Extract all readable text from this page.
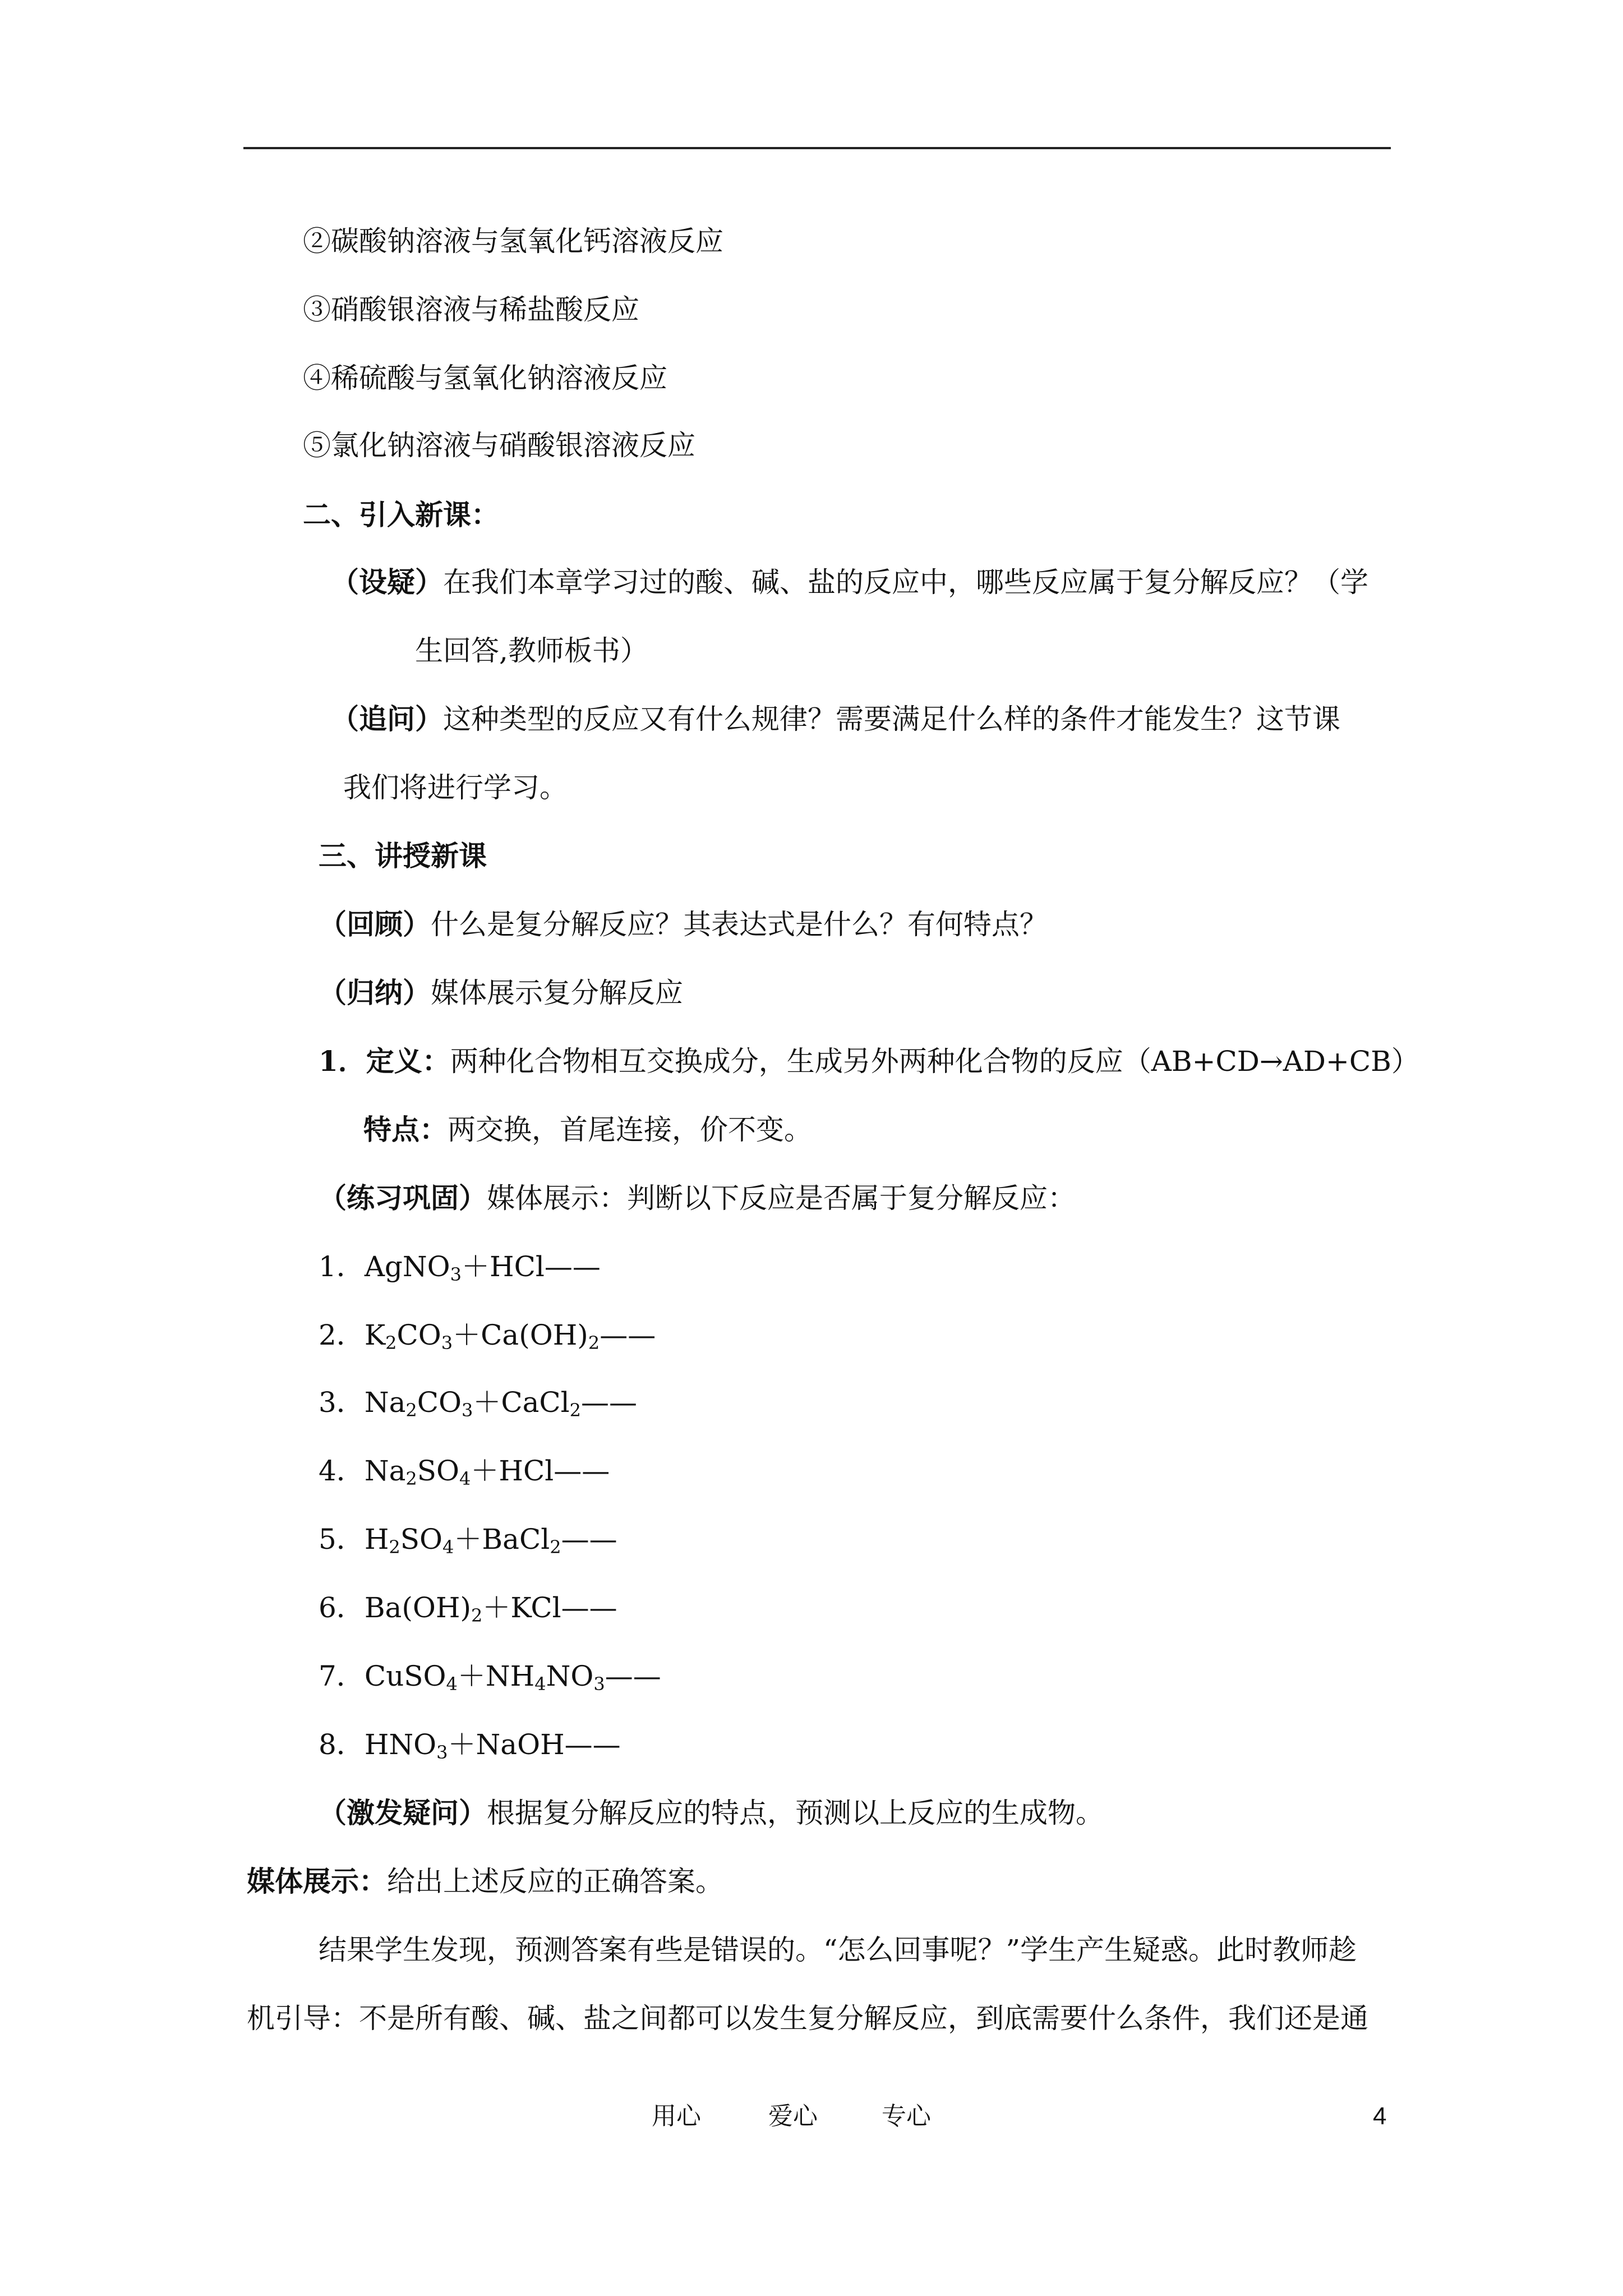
②碳酸钠溶液与氢氧化钙溶液反应
③硝酸银溶液与稀盐酸反应
④稀硫酸与氢氧化钠溶液反应
⑤氯化钠溶液与硝酸银溶液反应
二、引入新课：
（设疑）在我们本章学习过的酸、碱、盐的反应中，哪些反应属于复分解反应？（学
生回答,教师板书）
（追问）这种类型的反应又有什么规律？需要满足什么样的条件才能发生？这节课
我们将进行学习。
三、讲授新课
（回顾）什么是复分解反应？其表达式是什么？有何特点？
（归纳）媒体展示复分解反应
1．定义：两种化合物相互交换成分，生成另外两种化合物的反应（AB+CD→AD+CB）
特点：两交换，首尾连接，价不变。
（练习巩固）媒体展示：判断以下反应是否属于复分解反应：
1．AgNO$_3$＋HCl——
2．$K_2CO_3+Ca(OH)_2——$
3．$Na_2CO_3+CaCl_2——$
4．$Na_2SO_4+HCl——$
5．$H_2SO_4+BaCl_2——$
6．$Ba(OH)_2+KCl——$
7．$CuSO_4+NH_4NO_3——$
8．$HNO_3+NaOH——$
（激发疑问）根据复分解反应的特点，预测以上反应的生成物。
媒体展示：给出上述反应的正确答案。
结果学生发现，预测答案有些是错误的。“怎么回事呢？”学生产生疑惑。此时教师趁
机引导：不是所有酸、碱、盐之间都可以发生复分解反应，到底需要什么条件，我们还是通
用心	爱心	专心	4
